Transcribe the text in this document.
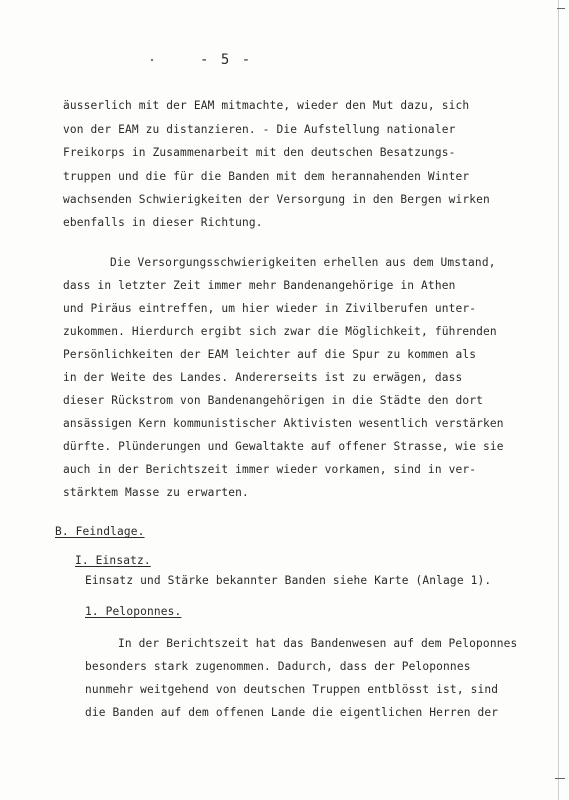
- 5 -
äusserlich mit der EAM mitmachte, wieder den Mut dazu, sich
von der EAM zu distanzieren. - Die Aufstellung nationaler
Freikorps in Zusammenarbeit mit den deutschen Besatzungs-
truppen und die für die Banden mit dem herannahenden Winter
wachsenden Schwierigkeiten der Versorgung in den Bergen wirken
ebenfalls in dieser Richtung.
Die Versorgungsschwierigkeiten erhellen aus dem Umstand,
dass in letzter Zeit immer mehr Bandenangehörige in Athen
und Piräus eintreffen, um hier wieder in Zivilberufen unter-
zukommen. Hierdurch ergibt sich zwar die Möglichkeit, führenden
Persönlichkeiten der EAM leichter auf die Spur zu kommen als
in der Weite des Landes. Andererseits ist zu erwägen, dass
dieser Rückstrom von Bandenangehörigen in die Städte den dort
ansässigen Kern kommunistischer Aktivisten wesentlich verstärken
dürfte. Plünderungen und Gewaltakte auf offener Strasse, wie sie
auch in der Berichtszeit immer wieder vorkamen, sind in ver-
stärktem Masse zu erwarten.
B. Feindlage.
I. Einsatz.
Einsatz und Stärke bekannter Banden siehe Karte (Anlage 1).
1. Peloponnes.
In der Berichtszeit hat das Bandenwesen auf dem Peloponnes
besonders stark zugenommen. Dadurch, dass der Peloponnes
nunmehr weitgehend von deutschen Truppen entblösst ist, sind
die Banden auf dem offenen Lande die eigentlichen Herren der
